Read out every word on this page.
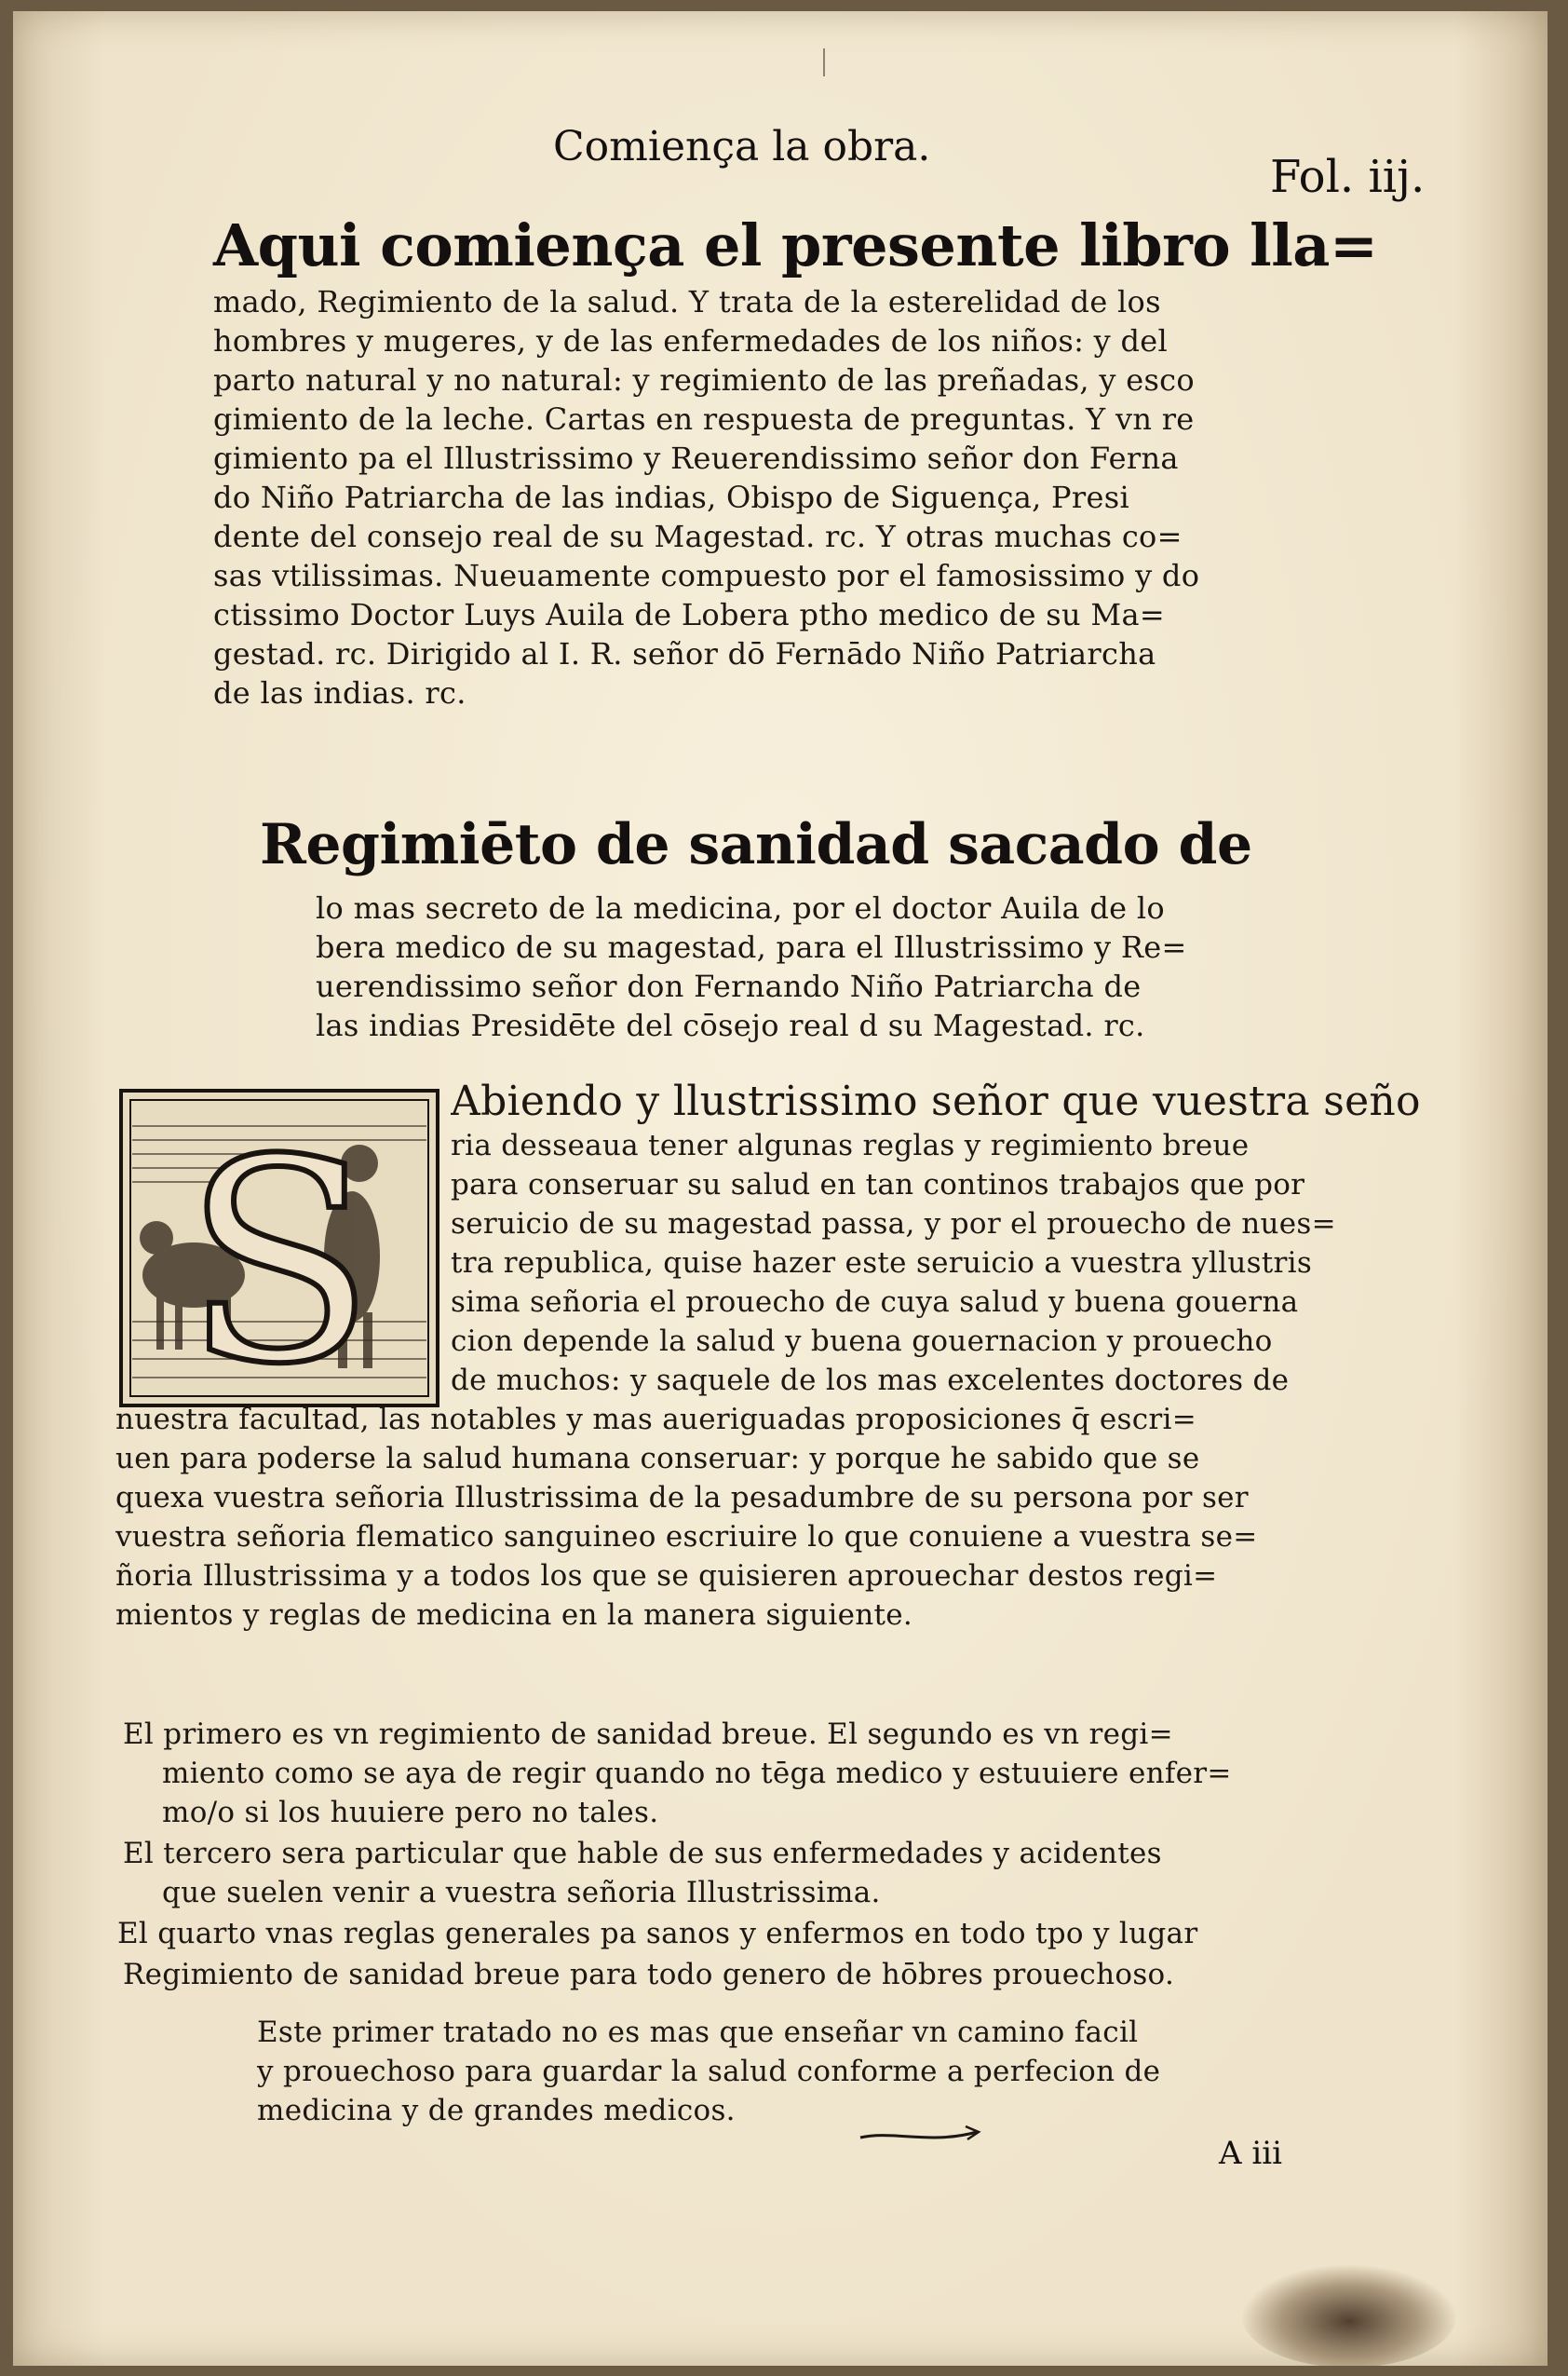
Comiença la obra.
Fol. iij.
Aqui comiença el presente libro lla=
mado, Regimiento de la salud. Y trata de la esterelidad de los
hombres y mugeres, y de las enfermedades de los niños: y del
parto natural y no natural: y regimiento de las preñadas, y esco
gimiento de la leche. Cartas en respuesta de preguntas. Y vn re
gimiento pa el Illustrissimo y Reuerendissimo señor don Ferna
do Niño Patriarcha de las indias, Obispo de Siguença, Presi
dente del consejo real de su Magestad. rc. Y otras muchas co=
sas vtilissimas. Nueuamente compuesto por el famosissimo y do
ctissimo Doctor Luys Auila de Lobera ptho medico de su Ma=
gestad. rc. Dirigido al I. R. señor dō Fernādo Niño Patriarcha
de las indias. rc.
Regimiēto de sanidad sacado de
lo mas secreto de la medicina, por el doctor Auila de lo
bera medico de su magestad, para el Illustrissimo y Re=
uerendissimo señor don Fernando Niño Patriarcha de
las indias Presidēte del cōsejo real d su Magestad. rc.
S Abiendo y llustrissimo señor que vuestra seño
ria desseaua tener algunas reglas y regimiento breue
para conseruar su salud en tan continos trabajos que por
seruicio de su magestad passa, y por el prouecho de nues=
tra republica, quise hazer este seruicio a vuestra yllustris
sima señoria el prouecho de cuya salud y buena gouerna
cion depende la salud y buena gouernacion y prouecho
de muchos: y saquele de los mas excelentes doctores de
nuestra facultad, las notables y mas aueriguadas proposiciones q̄ escri=
uen para poderse la salud humana conseruar: y porque he sabido que se
quexa vuestra señoria Illustrissima de la pesadumbre de su persona por ser
vuestra señoria flematico sanguineo escriuire lo que conuiene a vuestra se=
ñoria Illustrissima y a todos los que se quisieren aprouechar destos regi=
mientos y reglas de medicina en la manera siguiente.
El primero es vn regimiento de sanidad breue. El segundo es vn regi=
miento como se aya de regir quando no tēga medico y estuuiere enfer=
mo/o si los huuiere pero no tales.
El tercero sera particular que hable de sus enfermedades y acidentes
que suelen venir a vuestra señoria Illustrissima.
El quarto vnas reglas generales pa sanos y enfermos en todo tpo y lugar
Regimiento de sanidad breue para todo genero de hōbres prouechoso.
Este primer tratado no es mas que enseñar vn camino facil
y prouechoso para guardar la salud conforme a perfecion de
medicina y de grandes medicos.
A iii
